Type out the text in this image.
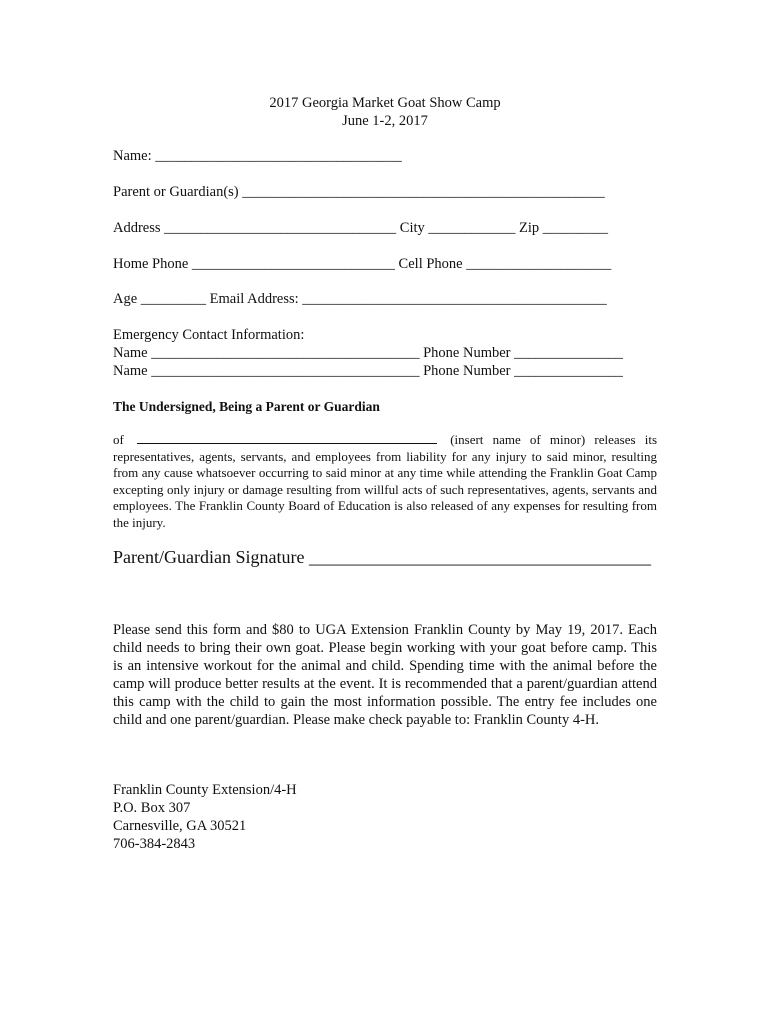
2017 Georgia Market Goat Show Camp
June 1-2, 2017
Name: __________________________________
Parent or Guardian(s) __________________________________________________
Address ________________________________ City ____________ Zip _________
Home Phone ____________________________ Cell Phone ____________________
Age _________ Email Address: __________________________________________
Emergency Contact Information:
Name _____________________________________ Phone Number _______________
Name _____________________________________ Phone Number _______________
The Undersigned, Being a Parent or Guardian
of	(insert name of minor) releases its representatives, agents, servants, and employees from liability for any injury to said minor, resulting from any cause whatsoever occurring to said minor at any time while attending the Franklin Goat Camp excepting only injury or damage resulting from willful acts of such representatives, agents, servants and employees. The Franklin County Board of Education is also released of any expenses for resulting from the injury.
Parent/Guardian Signature ______________________________________
Please send this form and $80 to UGA Extension Franklin County by May 19, 2017. Each child needs to bring their own goat. Please begin working with your goat before camp. This is an intensive workout for the animal and child. Spending time with the animal before the camp will produce better results at the event. It is recommended that a parent/guardian attend this camp with the child to gain the most information possible. The entry fee includes one child and one parent/guardian. Please make check payable to: Franklin County 4-H.
Franklin County Extension/4-H
P.O. Box 307
Carnesville, GA 30521
706-384-2843
